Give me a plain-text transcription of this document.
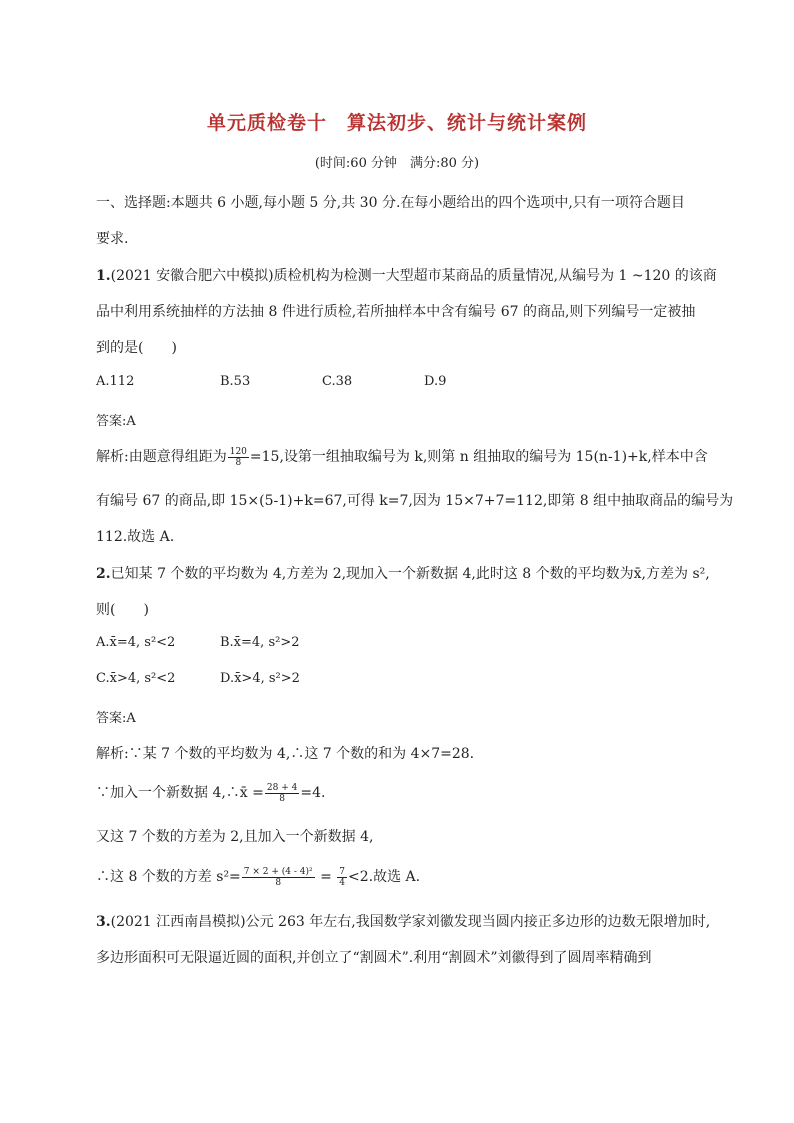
单元质检卷十　算法初步、统计与统计案例
(时间:60 分钟　满分:80 分)
一、选择题:本题共 6 小题,每小题 5 分,共 30 分.在每小题给出的四个选项中,只有一项符合题目
要求.
1.(2021 安徽合肥六中模拟)质检机构为检测一大型超市某商品的质量情况,从编号为 1 ~120 的该商
品中利用系统抽样的方法抽 8 件进行质检,若所抽样本中含有编号 67 的商品,则下列编号一定被抽
到的是(　　)
A.112	B.53	C.38	D.9
答案:A
解析:由题意得组距为 $\frac{120}{8} =15$,设第一组抽取编号为 k,则第 n 组抽取的编号为 15(n-1)+k,样本中含
有编号 67 的商品,即 15×(5-1)+k=67,可得 k=7,因为 15×7+7=112,即第 8 组中抽取商品的编号为
112.故选 A.
2.已知某 7 个数的平均数为 4,方差为 2,现加入一个新数据 4,此时这 8 个数的平均数为x̄,方差为 s²,
则(　　)
A.x̄=4, s²<2	B.x̄=4, s²>2
C.x̄>4, s²<2	D.x̄>4, s²>2
答案:A
解析:∵某 7 个数的平均数为 4,∴这 7 个数的和为 4×7=28.
∵加入一个新数据 4,∴x̄ = $\frac{28 + 4}{8} =4$.
又这 7 个数的方差为 2,且加入一个新数据 4,
∴这 8 个数的方差 $s^2= \frac{\text{7 × 2 + (4 - 4)²}}{8} = \frac{7}{4} <2$.故选 A.
3.(2021 江西南昌模拟)公元 263 年左右,我国数学家刘徽发现当圆内接正多边形的边数无限增加时,
多边形面积可无限逼近圆的面积,并创立了“割圆术”.利用“割圆术”刘徽得到了圆周率精确到
